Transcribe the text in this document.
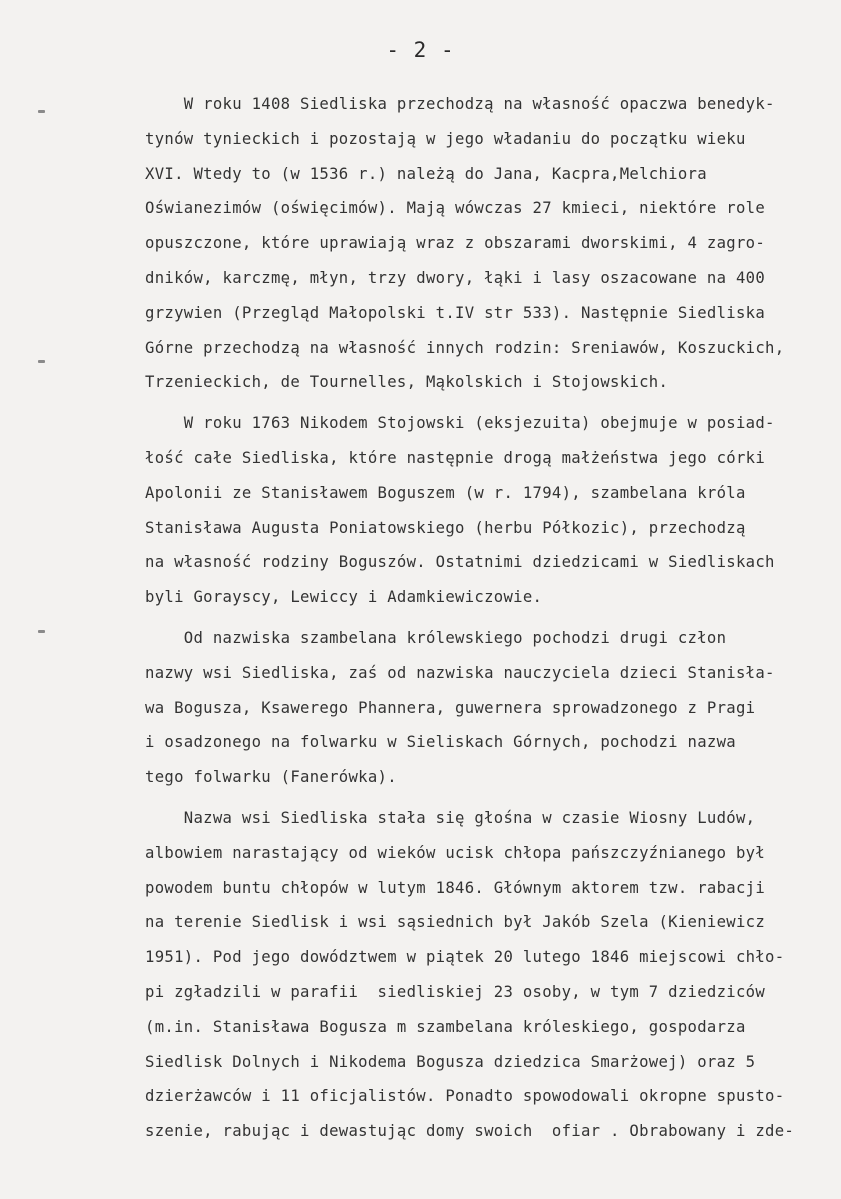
- 2 -
W roku 1408 Siedliska przechodzą na własność opaczwa benedyk-
tynów tynieckich i pozostają w jego władaniu do początku wieku
XVI. Wtedy to (w 1536 r.) należą do Jana, Kacpra,Melchiora
Oświanezimów (oświęcimów). Mają wówczas 27 kmieci, niektóre role
opuszczone, które uprawiają wraz z obszarami dworskimi, 4 zagro-
dników, karczmę, młyn, trzy dwory, łąki i lasy oszacowane na 400
grzywien (Przegląd Małopolski t.IV str 533). Następnie Siedliska
Górne przechodzą na własność innych rodzin: Sreniawów, Koszuckich,
Trzenieckich, de Tournelles, Mąkolskich i Stojowskich.
W roku 1763 Nikodem Stojowski (eksjezuita) obejmuje w posiad-
łość całe Siedliska, które następnie drogą małżeństwa jego córki
Apolonii ze Stanisławem Boguszem (w r. 1794), szambelana króla
Stanisława Augusta Poniatowskiego (herbu Półkozic), przechodzą
na własność rodziny Boguszów. Ostatnimi dziedzicami w Siedliskach
byli Goraysсy, Lewiccy i Adamkiewiczowie.
Od nazwiska szambelana królewskiego pochodzi drugi człon
nazwy wsi Siedliska, zaś od nazwiska nauczyciela dzieci Stanisła-
wa Bogusza, Ksawerego Phannera, guwernera sprowadzonego z Pragi
i osadzonego na folwarku w Sieliskach Górnych, pochodzi nazwa
tego folwarku (Fanerówka).
Nazwa wsi Siedliska stała się głośna w czasie Wiosny Ludów,
albowiem narastający od wieków ucisk chłopa pańszczyźnianego był
powodem buntu chłopów w lutym 1846. Głównym aktorem tzw. rabacji
na terenie Siedlisk i wsi sąsiednich był Jakób Szela (Kieniewicz
1951). Pod jego dowództwem w piątek 20 lutego 1846 miejscowi chło-
pi zgładzili w parafii  siedliskiej 23 osoby, w tym 7 dziedziców
(m.in. Stanisława Bogusza m szambelana króleskiego, gospodarza
Siedlisk Dolnych i Nikodema Bogusza dziedzica Smarżowej) oraz 5
dzierżawców i 11 oficjalistów. Ponadto spowodowali okropne spusto-
szenie, rabując i dewastując domy swoich  ofiar . Obrabowany i zde-
